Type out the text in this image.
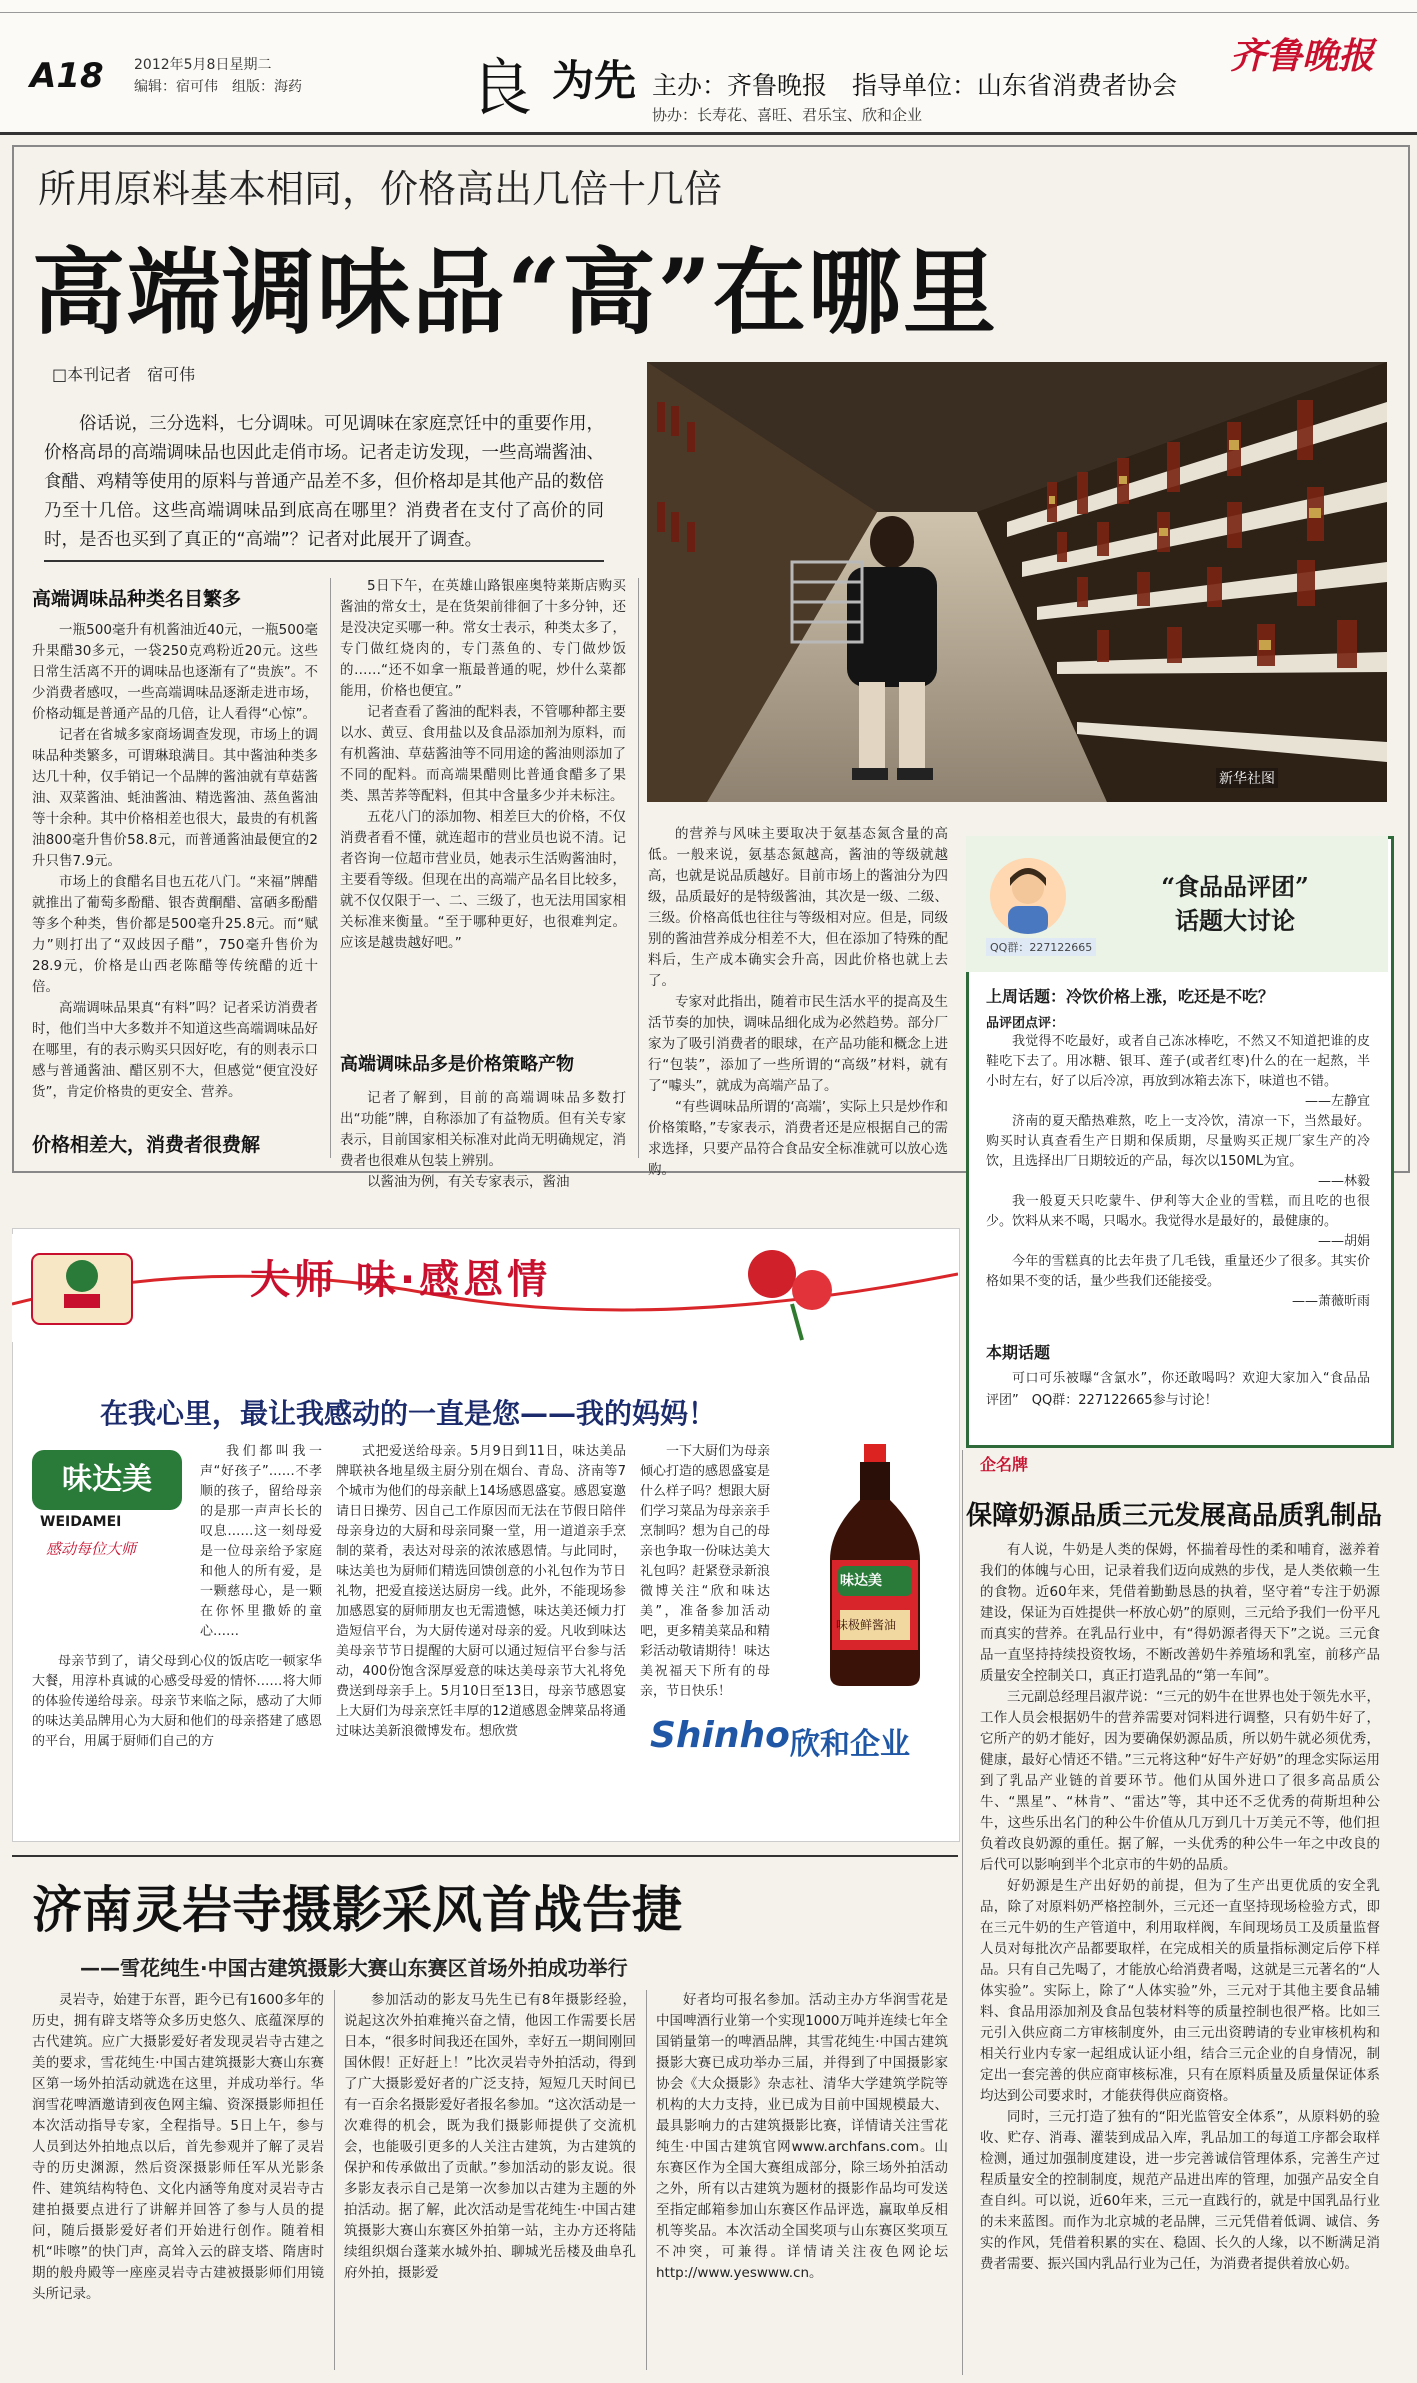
A18 2012年5月8日星期二
编辑：宿可伟　组版：海药	良 为先 主办：齐鲁晚报　指导单位：山东省消费者协会
协办：长寿花、喜旺、君乐宝、欣和企业
齐鲁晚报
所用原料基本相同，价格高出几倍十几倍
高端调味品“高”在哪里
□本刊记者　宿可伟

俗话说，三分选料，七分调味。可见调味在家庭烹饪中的重要作用，价格高昂的高端调味品也因此走俏市场。记者走访发现，一些高端酱油、食醋、鸡精等使用的原料与普通产品差不多，但价格却是其他产品的数倍乃至十几倍。这些高端调味品到底高在哪里？消费者在支付了高价的同时，是否也买到了真正的“高端”？记者对此展开了调查。

新华社图
高端调味品种类名目繁多

一瓶500毫升有机酱油近40元，一瓶500毫升果醋30多元，一袋250克鸡粉近20元。这些日常生活离不开的调味品也逐渐有了“贵族”。不少消费者感叹，一些高端调味品逐渐走进市场，价格动辄是普通产品的几倍，让人看得“心惊”。

记者在省城多家商场调查发现，市场上的调味品种类繁多，可谓琳琅满目。其中酱油种类多达几十种，仅手销记一个品牌的酱油就有草菇酱油、双菜酱油、蚝油酱油、精选酱油、蒸鱼酱油等十余种。其中价格相差也很大，最贵的有机酱油800毫升售价58.8元，而普通酱油最便宜的2升只售7.9元。

市场上的食醋名目也五花八门。“来福”牌醋就推出了葡萄多酚醋、银杏黄酮醋、富硒多酚醋等多个种类，售价都是500毫升25.8元。而“赋力”则打出了“双歧因子醋”，750毫升售价为28.9元，价格是山西老陈醋等传统醋的近十倍。

高端调味品果真“有料”吗？记者采访消费者时，他们当中大多数并不知道这些高端调味品好在哪里，有的表示购买只因好吃，有的则表示口感与普通酱油、醋区别不大，但感觉“便宜没好货”，肯定价格贵的更安全、营养。

价格相差大，消费者很费解

5日下午，在英雄山路银座奥特莱斯店购买酱油的常女士，是在货架前徘徊了十多分钟，还是没决定买哪一种。常女士表示，种类太多了，专门做红烧肉的，专门蒸鱼的、专门做炒饭的……“还不如拿一瓶最普通的呢，炒什么菜都能用，价格也便宜。”

记者查看了酱油的配料表，不管哪种都主要以水、黄豆、食用盐以及食品添加剂为原料，而有机酱油、草菇酱油等不同用途的酱油则添加了不同的配料。而高端果醋则比普通食醋多了果类、黑苦荞等配料，但其中含量多少并未标注。

五花八门的添加物、相差巨大的价格，不仅消费者看不懂，就连超市的营业员也说不清。记者咨询一位超市营业员，她表示生活购酱油时，主要看等级。但现在出的高端产品名目比较多，就不仅仅限于一、二、三级了，也无法用国家相关标准来衡量。“至于哪种更好，也很难判定。应该是越贵越好吧。”

高端调味品多是价格策略产物

记者了解到，目前的高端调味品多数打出“功能”牌，自称添加了有益物质。但有关专家表示，目前国家相关标准对此尚无明确规定，消费者也很难从包装上辨别。

以酱油为例，有关专家表示，酱油

的营养与风味主要取决于氨基态氮含量的高低。一般来说，氨基态氮越高，酱油的等级就越高，也就是说品质越好。目前市场上的酱油分为四级，品质最好的是特级酱油，其次是一级、二级、三级。价格高低也往往与等级相对应。但是，同级别的酱油营养成分相差不大，但在添加了特殊的配料后，生产成本确实会升高，因此价格也就上去了。

专家对此指出，随着市民生活水平的提高及生活节奏的加快，调味品细化成为必然趋势。部分厂家为了吸引消费者的眼球，在产品功能和概念上进行“包装”，添加了一些所谓的“高级”材料，就有了“噱头”，就成为高端产品了。

“有些调味品所谓的‘高端’，实际上只是炒作和价格策略，”专家表示，消费者还是应根据自己的需求选择，只要产品符合食品安全标准就可以放心选购。

QQ群：227122665
“食品品评团”
话题大讨论
上周话题：冷饮价格上涨，吃还是不吃？
品评团点评：

我觉得不吃最好，或者自己冻冰棒吃，不然又不知道把谁的皮鞋吃下去了。用冰糖、银耳、莲子(或者红枣)什么的在一起熬，半小时左右，好了以后冷凉，再放到冰箱去冻下，味道也不错。

——左静宜

济南的夏天酷热难熬，吃上一支冷饮，清凉一下，当然最好。购买时认真查看生产日期和保质期，尽量购买正规厂家生产的冷饮，且选择出厂日期较近的产品，每次以150ML为宜。

——林毅

我一般夏天只吃蒙牛、伊利等大企业的雪糕，而且吃的也很少。饮料从来不喝，只喝水。我觉得水是最好的，最健康的。

——胡娟

今年的雪糕真的比去年贵了几毛钱，重量还少了很多。其实价格如果不变的话，量少些我们还能接受。

——萧薇昕雨
本期话题

可口可乐被曝“含氯水”，你还敢喝吗？欢迎大家加入“食品品评团”　QQ群：227122665参与讨论！

大师 味·感恩情
在我心里，最让我感动的一直是您——我的妈妈！
味达美
WEIDAMEI
感动每位大师

我们都叫我一声“好孩子”……不孝顺的孩子，留给母亲的是那一声声长长的叹息……这一刻母爱是一位母亲给予家庭和他人的所有爱，是一颗慈母心，是一颗在你怀里撒娇的童心……

母亲节到了，请父母到心仪的饭店吃一顿家华大餐，用淳朴真诚的心感受母爱的情怀……将大师的体验传递给母亲。母亲节来临之际，感动了大师的味达美品牌用心为大厨和他们的母亲搭建了感恩的平台，用属于厨师们自己的方

式把爱送给母亲。5月9日到11日，味达美品牌联袂各地星级主厨分别在烟台、青岛、济南等7个城市为他们的母亲献上14场感恩盛宴。感恩宴邀请日日操劳、因自己工作原因而无法在节假日陪伴母亲身边的大厨和母亲同聚一堂，用一道道亲手烹制的菜肴，表达对母亲的浓浓感恩情。与此同时，味达美也为厨师们精选回馈创意的小礼包作为节日礼物，把爱直接送达厨房一线。此外，不能现场参加感恩宴的厨师朋友也无需遗憾，味达美还倾力打造短信平台，为大厨传递对母亲的爱。凡收到味达美母亲节节日提醒的大厨可以通过短信平台参与活动，400份饱含深厚爱意的味达美母亲节大礼将免费送到母亲手上。5月10日至13日，母亲节感恩宴上大厨们为母亲烹饪丰厚的12道感恩金牌菜品将通过味达美新浪微博发布。想欣赏

一下大厨们为母亲倾心打造的感恩盛宴是什么样子吗？想跟大厨们学习菜品为母亲亲手烹制吗？想为自己的母亲也争取一份味达美大礼包吗？赶紧登录新浪微博关注“欣和味达美”，准备参加活动吧，更多精美菜品和精彩活动敬请期待！味达美祝福天下所有的母亲，节日快乐！

味达美
味极鲜酱油
Shinho 欣和企业
济南灵岩寺摄影采风首战告捷
——雪花纯生·中国古建筑摄影大赛山东赛区首场外拍成功举行

灵岩寺，始建于东晋，距今已有1600多年的历史，拥有辟支塔等众多历史悠久、底蕴深厚的古代建筑。应广大摄影爱好者发现灵岩寺古建之美的要求，雪花纯生·中国古建筑摄影大赛山东赛区第一场外拍活动就选在这里，并成功举行。华润雪花啤酒邀请到夜色网主编、资深摄影师担任本次活动指导专家，全程指导。5日上午，参与人员到达外拍地点以后，首先参观并了解了灵岩寺的历史渊源，然后资深摄影师任军从光影条件、建筑结构特色、文化内涵等角度对灵岩寺古建拍摄要点进行了讲解并回答了参与人员的提问，随后摄影爱好者们开始进行创作。随着相机“咔嚓”的快门声，高耸入云的辟支塔、隋唐时期的般舟殿等一座座灵岩寺古建被摄影师们用镜头所记录。

参加活动的影友马先生已有8年摄影经验，说起这次外拍难掩兴奋之情，他因工作需要长居日本，“很多时间我还在国外，幸好五一期间刚回国休假！正好赶上！”比次灵岩寺外拍活动，得到了广大摄影爱好者的广泛支持，短短几天时间已有一百余名摄影爱好者报名参加。“这次活动是一次难得的机会，既为我们摄影师提供了交流机会，也能吸引更多的人关注古建筑，为古建筑的保护和传承做出了贡献。”参加活动的影友说。很多影友表示自己是第一次参加以古建为主题的外拍活动。据了解，此次活动是雪花纯生·中国古建筑摄影大赛山东赛区外拍第一站，主办方还将陆续组织烟台蓬莱水城外拍、聊城光岳楼及曲阜孔府外拍，摄影爱

好者均可报名参加。活动主办方华润雪花是中国啤酒行业第一个实现1000万吨并连续七年全国销量第一的啤酒品牌，其雪花纯生·中国古建筑摄影大赛已成功举办三届，并得到了中国摄影家协会《大众摄影》杂志社、清华大学建筑学院等机构的大力支持，业已成为目前中国规模最大、最具影响力的古建筑摄影比赛，详情请关注雪花纯生·中国古建筑官网www.archfans.com。山东赛区作为全国大赛组成部分，除三场外拍活动之外，所有以古建筑为题材的摄影作品均可发送至指定邮箱参加山东赛区作品评选，赢取单反相机等奖品。本次活动全国奖项与山东赛区奖项互不冲突，可兼得。详情请关注夜色网论坛http://www.yeswww.cn。

企名牌
保障奶源品质三元发展高品质乳制品

有人说，牛奶是人类的保姆，怀揣着母性的柔和哺育，滋养着我们的体魄与心田，记录着我们迈向成熟的步伐，是人类依赖一生的食物。近60年来，凭借着勤勤恳恳的执着，坚守着“专注于奶源建设，保证为百姓提供一杯放心奶”的原则，三元给予我们一份平凡而真实的营养。在乳品行业中，有“得奶源者得天下”之说。三元食品一直坚持持续投资牧场，不断改善奶牛养殖场和乳室，前移产品质量安全控制关口，真正打造乳品的“第一车间”。

三元副总经理吕淑芹说：“三元的奶牛在世界也处于领先水平，工作人员会根据奶牛的营养需要对饲料进行调整，只有奶牛好了，它所产的奶才能好，因为要确保奶源品质，所以奶牛就必须优秀，健康，最好心情还不错。”三元将这种“好牛产好奶”的理念实际运用到了乳品产业链的首要环节。他们从国外进口了很多高品质公牛、“黑星”、“林肯”、“雷达”等，其中还不乏优秀的荷斯坦种公牛，这些乐出名门的种公牛价值从几万到几十万美元不等，他们担负着改良奶源的重任。据了解，一头优秀的种公牛一年之中改良的后代可以影响到半个北京市的牛奶的品质。

好奶源是生产出好奶的前提，但为了生产出更优质的安全乳品，除了对原料奶严格控制外，三元还一直坚持现场检验方式，即在三元牛奶的生产管道中，利用取样阀，车间现场员工及质量监督人员对每批次产品都要取样，在完成相关的质量指标测定后停下样品。只有自己先喝了，才能放心给消费者喝，这就是三元著名的“人体实验”。实际上，除了“人体实验”外，三元对于其他主要食品辅料、食品用添加剂及食品包装材料等的质量控制也很严格。比如三元引入供应商二方审核制度外，由三元出资聘请的专业审核机构和相关行业内专家一起组成认证小组，结合三元企业的自身情况，制定出一套完善的供应商审核标准，只有在原料质量及质量保证体系均达到公司要求时，才能获得供应商资格。

同时，三元打造了独有的“阳光监管安全体系”，从原料奶的验收、贮存、消毒、灌装到成品入库，乳品加工的每道工序都会取样检测，通过加强制度建设，进一步完善诚信管理体系，完善生产过程质量安全的控制制度，规范产品进出库的管理，加强产品安全自查自纠。可以说，近60年来，三元一直践行的，就是中国乳品行业的未来蓝图。而作为北京城的老品牌，三元凭借着低调、诚信、务实的作风，凭借着积累的实在、稳固、长久的人缘，以不断满足消费者需要、振兴国内乳品行业为己任，为消费者提供着放心奶。
